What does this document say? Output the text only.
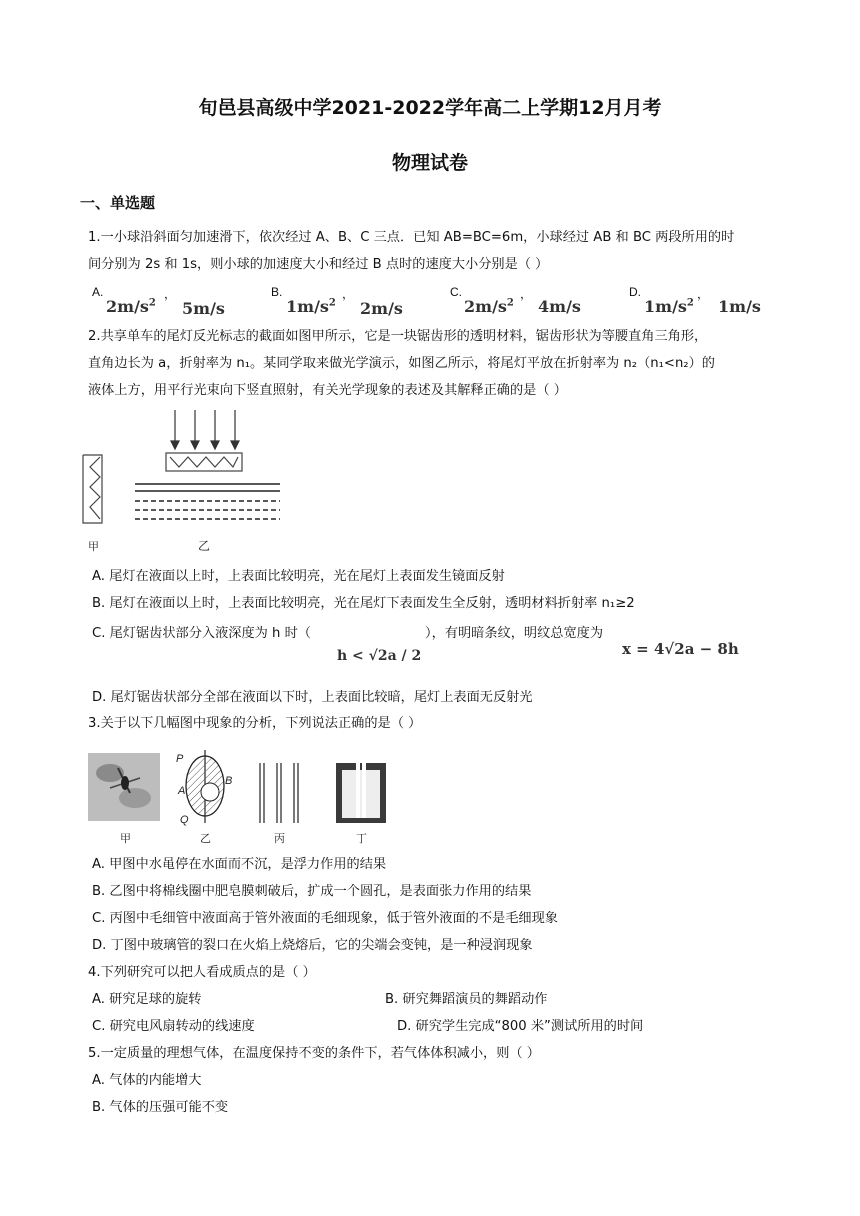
旬邑县高级中学2021-2022学年高二上学期12月月考
物理试卷
一、单选题
1.一小球沿斜面匀加速滑下，依次经过 A、B、C 三点．已知 AB=BC=6m，小球经过 AB 和 BC 两段所用的时
间分别为 2s 和 1s，则小球的加速度大小和经过 B 点时的速度大小分别是（ ）
A.
$2m/s^2$
，
5m/s
B.
$1m/s^2$
，
2m/s
C.
$2m/s^2$
，
4m/s
D.
$1m/s^2$
，
1m/s
2.共享单车的尾灯反光标志的截面如图甲所示，它是一块锯齿形的透明材料，锯齿形状为等腰直角三角形，
直角边长为 a，折射率为 n₁。某同学取来做光学演示，如图乙所示，将尾灯平放在折射率为 n₂（n₁<n₂）的
液体上方，用平行光束向下竖直照射，有关光学现象的表述及其解释正确的是（ ）
甲	乙
A. 尾灯在液面以上时，上表面比较明亮，光在尾灯上表面发生镜面反射
B. 尾灯在液面以上时，上表面比较明亮，光在尾灯下表面发生全反射，透明材料折射率 n₁≥2
C. 尾灯锯齿状部分入液深度为 h 时（	），有明暗条纹，明纹总宽度为
h < √2a / 2	x = 4√2a − 8h
D. 尾灯锯齿状部分全部在液面以下时，上表面比较暗，尾灯上表面无反射光
3.关于以下几幅图中现象的分析，下列说法正确的是（ ）
P
A
B
Q
甲	乙	丙	丁
A. 甲图中水黾停在水面而不沉，是浮力作用的结果
B. 乙图中将棉线圈中肥皂膜刺破后，扩成一个圆孔，是表面张力作用的结果
C. 丙图中毛细管中液面高于管外液面的毛细现象，低于管外液面的不是毛细现象
D. 丁图中玻璃管的裂口在火焰上烧熔后，它的尖端会变钝，是一种浸润现象
4.下列研究可以把人看成质点的是（ ）
A. 研究足球的旋转	B. 研究舞蹈演员的舞蹈动作
C. 研究电风扇转动的线速度	D. 研究学生完成“800 米”测试所用的时间
5.一定质量的理想气体，在温度保持不变的条件下，若气体体积减小，则（ ）
A. 气体的内能增大
B. 气体的压强可能不变
